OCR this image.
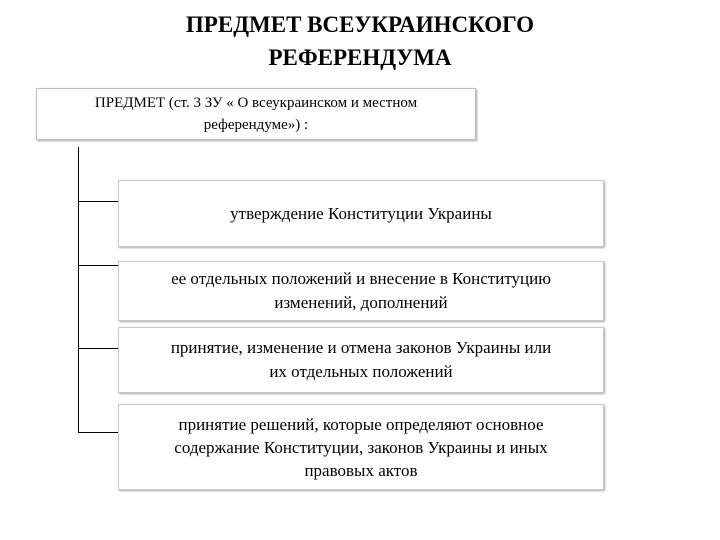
ПРЕДМЕТ ВСЕУКРАИНСКОГО
РЕФЕРЕНДУМА
ПРЕДМЕТ (ст. 3 ЗУ « О всеукраинском и местном
референдуме») :
утверждение Конституции Украины
ее отдельных положений и внесение в Конституцию
изменений, дополнений
принятие, изменение и отмена законов Украины или
их отдельных положений
принятие решений, которые определяют основное
содержание Конституции, законов Украины и иных
правовых актов
